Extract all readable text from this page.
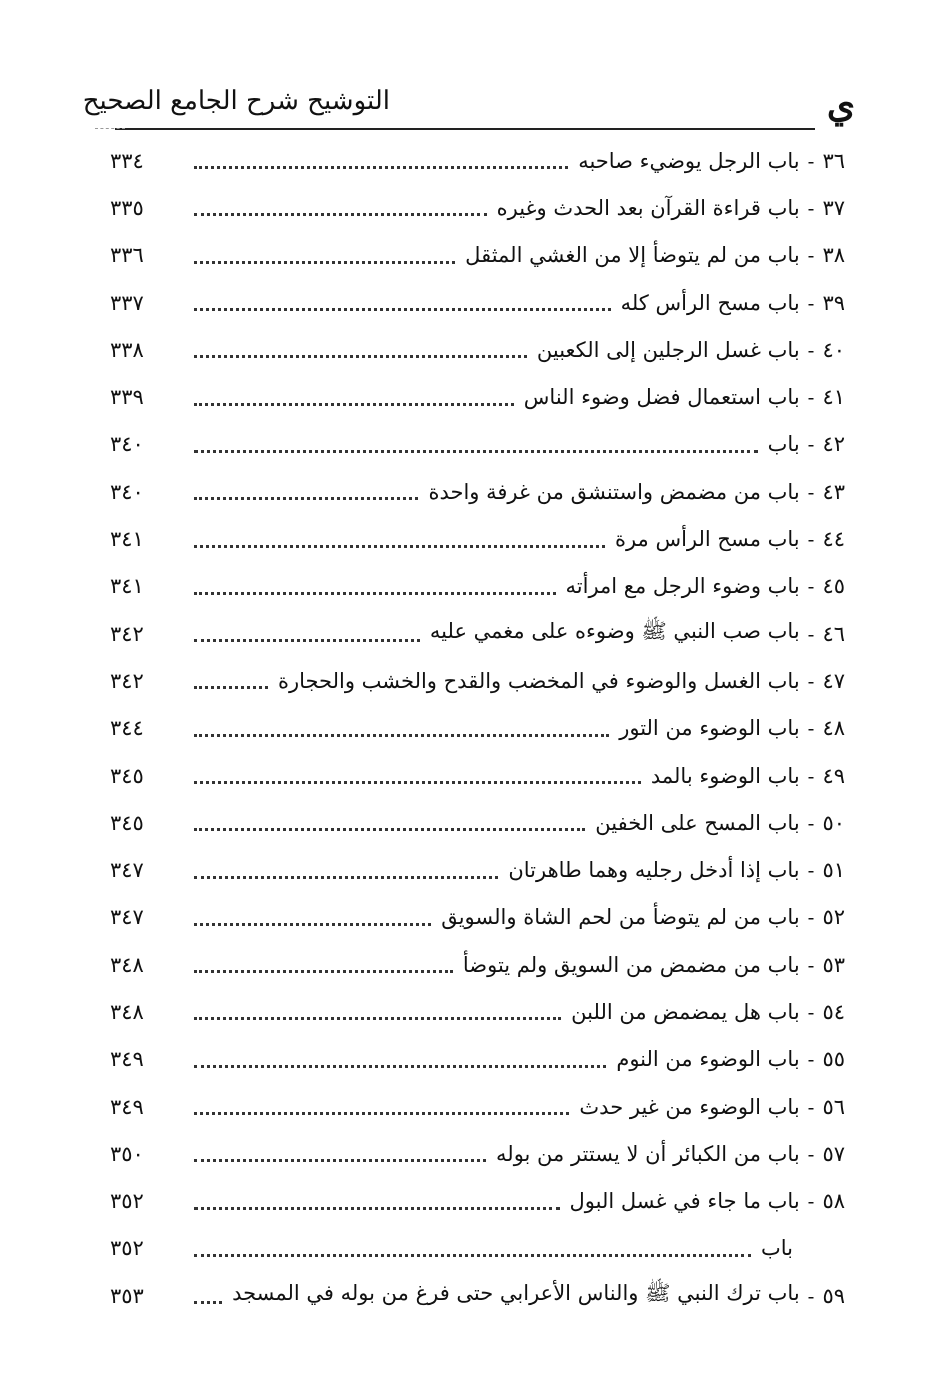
ي
التوشيح شرح الجامع الصحيح
٣٦
-
باب الرجل يوضيء صاحبه
٣٣٤
٣٧
-
باب قراءة القرآن بعد الحدث وغيره
٣٣٥
٣٨
-
باب من لم يتوضأ إلا من الغشي المثقل
٣٣٦
٣٩
-
باب مسح الرأس كله
٣٣٧
٤٠
-
باب غسل الرجلين إلى الكعبين
٣٣٨
٤١
-
باب استعمال فضل وضوء الناس
٣٣٩
٤٢
-
باب
٣٤٠
٤٣
-
باب من مضمض واستنشق من غرفة واحدة
٣٤٠
٤٤
-
باب مسح الرأس مرة
٣٤١
٤٥
-
باب وضوء الرجل مع امرأته
٣٤١
٤٦
-
باب صب النبي ﷺ وضوءه على مغمي عليه
٣٤٢
٤٧
-
باب الغسل والوضوء في المخضب والقدح والخشب والحجارة
٣٤٢
٤٨
-
باب الوضوء من التور
٣٤٤
٤٩
-
باب الوضوء بالمد
٣٤٥
٥٠
-
باب المسح على الخفين
٣٤٥
٥١
-
باب إذا أدخل رجليه وهما طاهرتان
٣٤٧
٥٢
-
باب من لم يتوضأ من لحم الشاة والسويق
٣٤٧
٥٣
-
باب من مضمض من السويق ولم يتوضأ
٣٤٨
٥٤
-
باب هل يمضمض من اللبن
٣٤٨
٥٥
-
باب الوضوء من النوم
٣٤٩
٥٦
-
باب الوضوء من غير حدث
٣٤٩
٥٧
-
باب من الكبائر أن لا يستتر من بوله
٣٥٠
٥٨
-
باب ما جاء في غسل البول
٣٥٢
باب
٣٥٢
٥٩
-
باب ترك النبي ﷺ والناس الأعرابي حتى فرغ من بوله في المسجد
٣٥٣
